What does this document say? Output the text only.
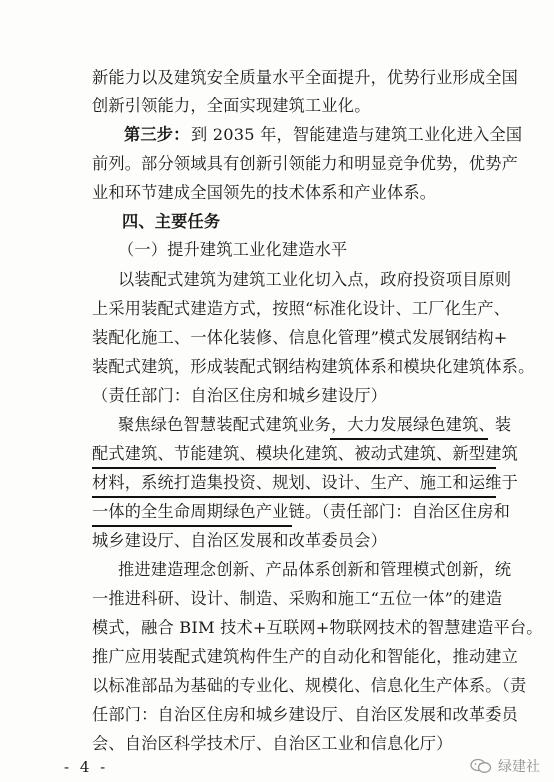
新能力以及建筑安全质量水平全面提升，优势行业形成全国
创新引领能力，全面实现建筑工业化。
第三步： 到 2035 年，智能建造与建筑工业化进入全国
前列。部分领域具有创新引领能力和明显竞争优势，优势产
业和环节建成全国领先的技术体系和产业体系。
四、主要任务
（一）提升建筑工业化建造水平
以装配式建筑为建筑工业化切入点，政府投资项目原则
上采用装配式建造方式，按照“标准化设计、工厂化生产、
装配化施工、一体化装修、信息化管理”模式发展钢结构+
装配式建筑，形成装配式钢结构建筑体系和模块化建筑体系。
（责任部门：自治区住房和城乡建设厅）
聚焦绿色智慧装配式建筑业务，大力发展绿色建筑、装
配式建筑、节能建筑、模块化建筑、被动式建筑、新型建筑
材料，系统打造集投资、规划、设计、生产、施工和运维于
一体的全生命周期绿色产业链。（责任部门：自治区住房和
城乡建设厅、自治区发展和改革委员会）
推进建造理念创新、产品体系创新和管理模式创新，统
一推进科研、设计、制造、采购和施工“五位一体”的建造
模式，融合 BIM 技术+互联网+物联网技术的智慧建造平台。
推广应用装配式建筑构件生产的自动化和智能化，推动建立
以标准部品为基础的专业化、规模化、信息化生产体系。（责
任部门：自治区住房和城乡建设厅、自治区发展和改革委员
会、自治区科学技术厅、自治区工业和信息化厅）
- 4 -	绿建社
